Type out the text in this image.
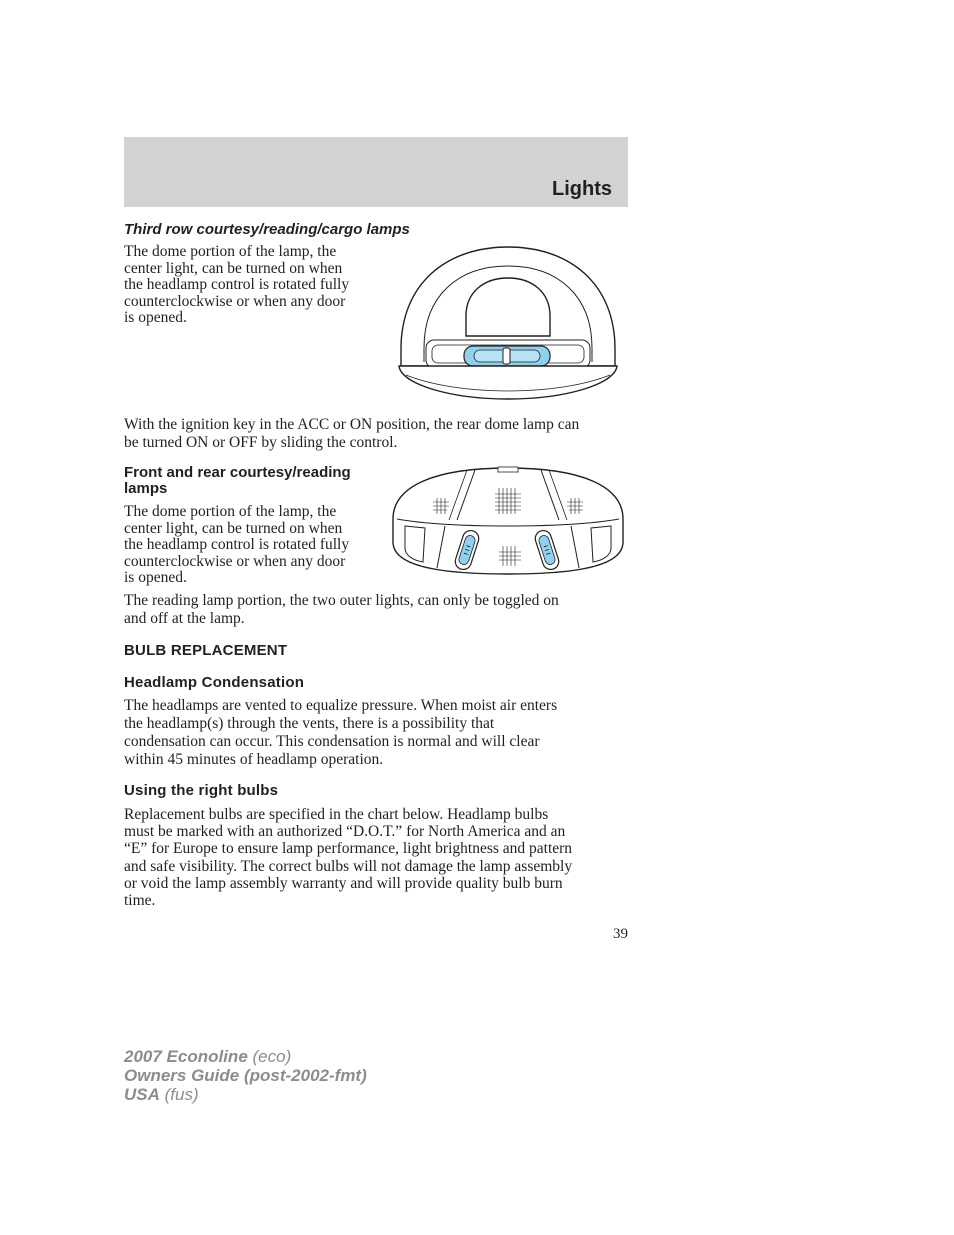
Lights
Third row courtesy/reading/cargo lamps
The dome portion of the lamp, the
center light, can be turned on when
the headlamp control is rotated fully
counterclockwise or when any door
is opened.
With the ignition key in the ACC or ON position, the rear dome lamp can
be turned ON or OFF by sliding the control.
Front and rear courtesy/reading
lamps
The dome portion of the lamp, the
center light, can be turned on when
the headlamp control is rotated fully
counterclockwise or when any door
is opened.
The reading lamp portion, the two outer lights, can only be toggled on
and off at the lamp.
BULB REPLACEMENT
Headlamp Condensation
The headlamps are vented to equalize pressure. When moist air enters
the headlamp(s) through the vents, there is a possibility that
condensation can occur. This condensation is normal and will clear
within 45 minutes of headlamp operation.
Using the right bulbs
Replacement bulbs are specified in the chart below. Headlamp bulbs
must be marked with an authorized “D.O.T.” for North America and an
“E” for Europe to ensure lamp performance, light brightness and pattern
and safe visibility. The correct bulbs will not damage the lamp assembly
or void the lamp assembly warranty and will provide quality bulb burn
time.
39
2007 Econoline (eco)
Owners Guide (post-2002-fmt)
USA (fus)
